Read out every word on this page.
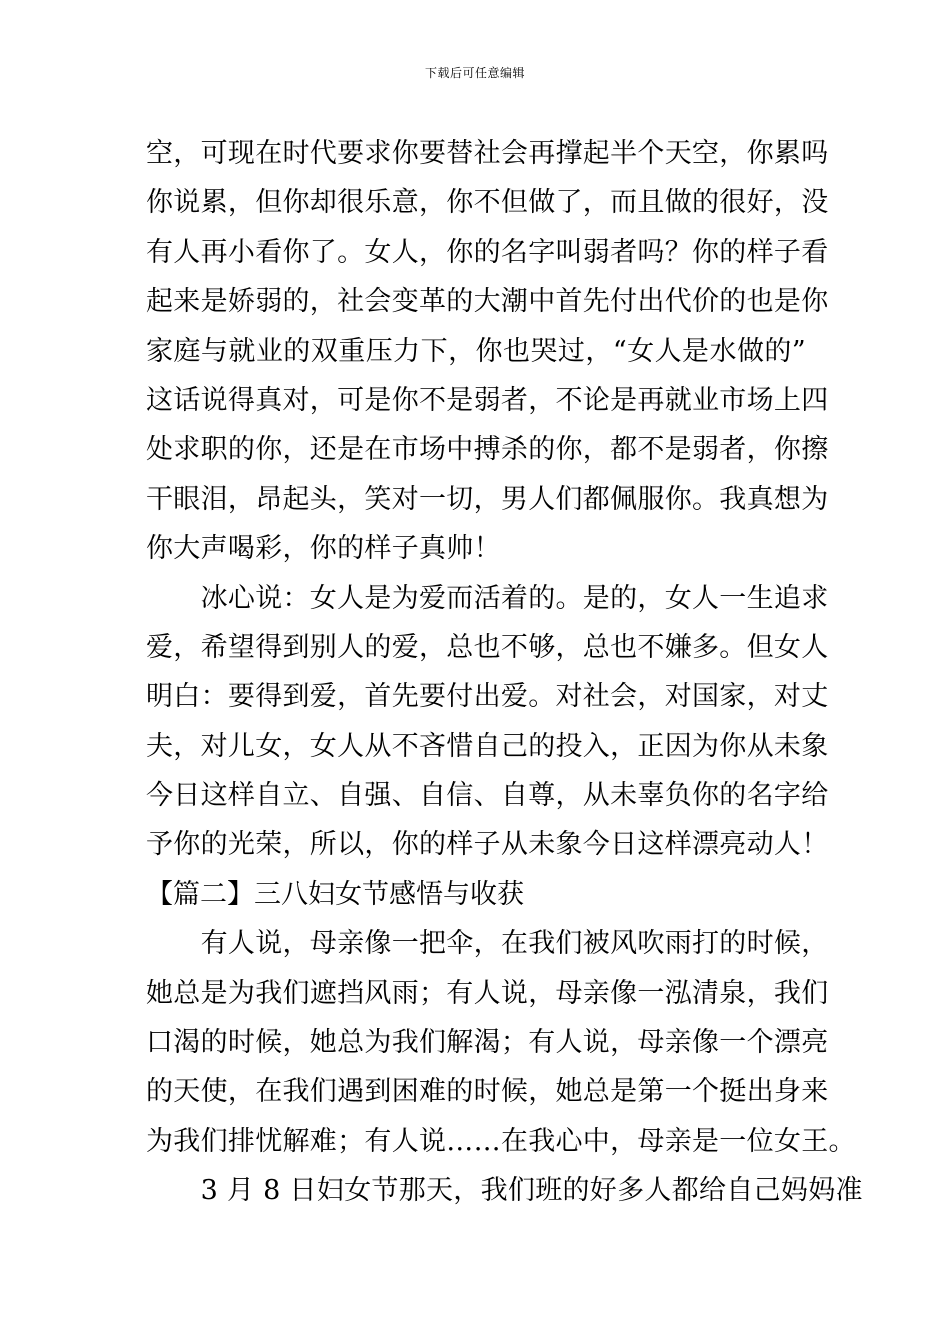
下载后可任意编辑
空，可现在时代要求你要替社会再撑起半个天空，你累吗
你说累，但你却很乐意，你不但做了，而且做的很好，没
有人再小看你了。女人，你的名字叫弱者吗？你的样子看
起来是娇弱的，社会变革的大潮中首先付出代价的也是你
家庭与就业的双重压力下，你也哭过，“女人是水做的”
这话说得真对，可是你不是弱者，不论是再就业市场上四
处求职的你，还是在市场中搏杀的你，都不是弱者，你擦
干眼泪，昂起头，笑对一切，男人们都佩服你。我真想为
你大声喝彩，你的样子真帅！
　　冰心说：女人是为爱而活着的。是的，女人一生追求
爱，希望得到别人的爱，总也不够，总也不嫌多。但女人
明白：要得到爱，首先要付出爱。对社会，对国家，对丈
夫，对儿女，女人从不吝惜自己的投入，正因为你从未象
今日这样自立、自强、自信、自尊，从未辜负你的名字给
予你的光荣，所以，你的样子从未象今日这样漂亮动人！
【篇二】三八妇女节感悟与收获
　　有人说，母亲像一把伞，在我们被风吹雨打的时候，
她总是为我们遮挡风雨；有人说，母亲像一泓清泉，我们
口渴的时候，她总为我们解渴；有人说，母亲像一个漂亮
的天使，在我们遇到困难的时候，她总是第一个挺出身来
为我们排忧解难；有人说……在我心中，母亲是一位女王。
　　3 月 8 日妇女节那天，我们班的好多人都给自己妈妈准
